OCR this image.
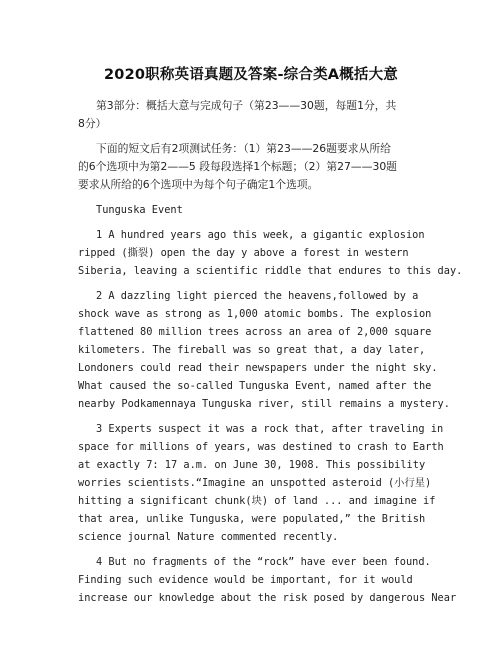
2020职称英语真题及答案-综合类A概括大意
第3部分：概括大意与完成句子（第23——30题，每题1分，共
8分）
下面的短文后有2项测试任务：（1）第23——26题要求从所给
的6个选项中为第2——5 段每段选择1个标题；（2）第27——30题
要求从所给的6个选项中为每个句子确定1个选项。
Tunguska Event
1 A hundred years ago this week, a gigantic explosion
ripped (撕裂) open the day y above a forest in western
Siberia, leaving a scientific riddle that endures to this day.
2 A dazzling light pierced the heavens,followed by a
shock wave as strong as 1,000 atomic bombs. The explosion
flattened 80 million trees across an area of 2,000 square
kilometers. The fireball was so great that, a day later,
Londoners could read their newspapers under the night sky.
What caused the so-called Tunguska Event, named after the
nearby Podkamennaya Tunguska river, still remains a mystery.
3 Experts suspect it was a rock that, after traveling in
space for millions of years, was destined to crash to Earth
at exactly 7: 17 a.m. on June 30, 1908. This possibility
worries scientists.“Imagine an unspotted asteroid (小行星)
hitting a significant chunk(块) of land ... and imagine if
that area, unlike Tunguska, were populated,” the British
science journal Nature commented recently.
4 But no fragments of the “rock” have ever been found.
Finding such evidence would be important, for it would
increase our knowledge about the risk posed by dangerous Near
